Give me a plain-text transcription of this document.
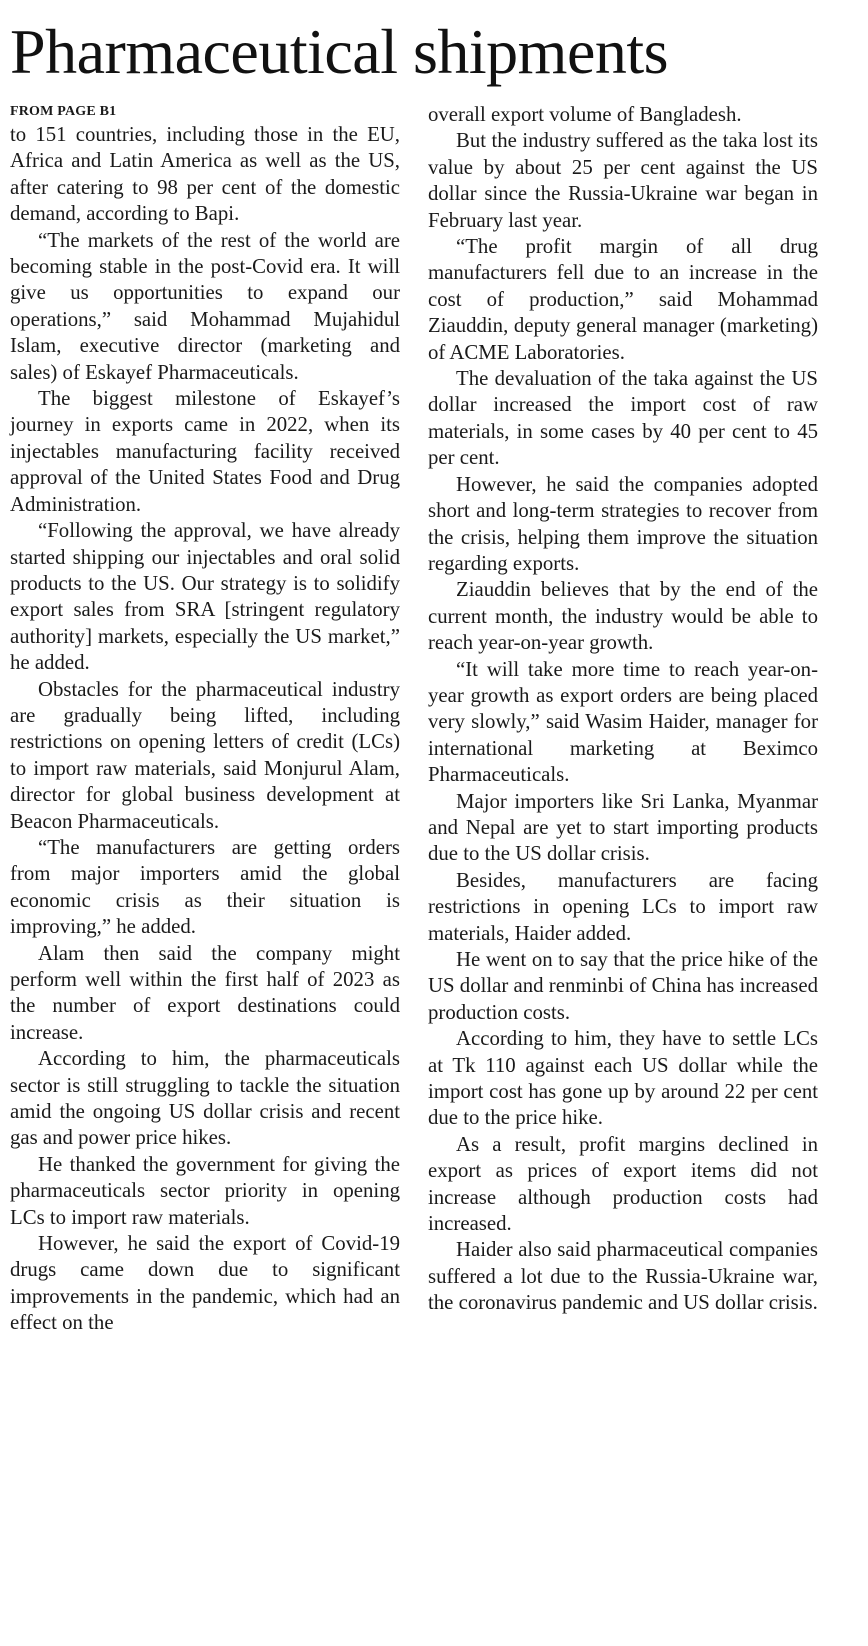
Pharmaceutical shipments
FROM PAGE B1

to 151 countries, including those in the EU, Africa and Latin America as well as the US, after catering to 98 per cent of the domestic demand, according to Bapi.

“The markets of the rest of the world are becoming stable in the post-Covid era. It will give us opportunities to expand our operations,” said Mohammad Mujahidul Islam, executive director (marketing and sales) of Eskayef Pharmaceuticals.

The biggest milestone of Eskayef’s journey in exports came in 2022, when its injectables manufacturing facility received approval of the United States Food and Drug Administration.

“Following the approval, we have already started shipping our injectables and oral solid products to the US. Our strategy is to solidify export sales from SRA [stringent regulatory authority] markets, especially the US market,” he added.

Obstacles for the pharmaceutical industry are gradually being lifted, including restrictions on opening letters of credit (LCs) to import raw materials, said Monjurul Alam, director for global business development at Beacon Pharmaceuticals.

“The manufacturers are getting orders from major importers amid the global economic crisis as their situation is improving,” he added.

Alam then said the company might perform well within the first half of 2023 as the number of export destinations could increase.

According to him, the pharmaceuticals sector is still struggling to tackle the situation amid the ongoing US dollar crisis and recent gas and power price hikes.

He thanked the government for giving the pharmaceuticals sector priority in opening LCs to import raw materials.

However, he said the export of Covid-19 drugs came down due to significant improvements in the pandemic, which had an effect on the

overall export volume of Bangladesh.

But the industry suffered as the taka lost its value by about 25 per cent against the US dollar since the Russia-Ukraine war began in February last year.

“The profit margin of all drug manufacturers fell due to an increase in the cost of production,” said Mohammad Ziauddin, deputy general manager (marketing) of ACME Laboratories.

The devaluation of the taka against the US dollar increased the import cost of raw materials, in some cases by 40 per cent to 45 per cent.

However, he said the companies adopted short and long-term strategies to recover from the crisis, helping them improve the situation regarding exports.

Ziauddin believes that by the end of the current month, the industry would be able to reach year-on-year growth.

“It will take more time to reach year-on-year growth as export orders are being placed very slowly,” said Wasim Haider, manager for international marketing at Beximco Pharmaceuticals.

Major importers like Sri Lanka, Myanmar and Nepal are yet to start importing products due to the US dollar crisis.

Besides, manufacturers are facing restrictions in opening LCs to import raw materials, Haider added.

He went on to say that the price hike of the US dollar and renminbi of China has increased production costs.

According to him, they have to settle LCs at Tk 110 against each US dollar while the import cost has gone up by around 22 per cent due to the price hike.

As a result, profit margins declined in export as prices of export items did not increase although production costs had increased.

Haider also said pharmaceutical companies suffered a lot due to the Russia-Ukraine war, the coronavirus pandemic and US dollar crisis.
